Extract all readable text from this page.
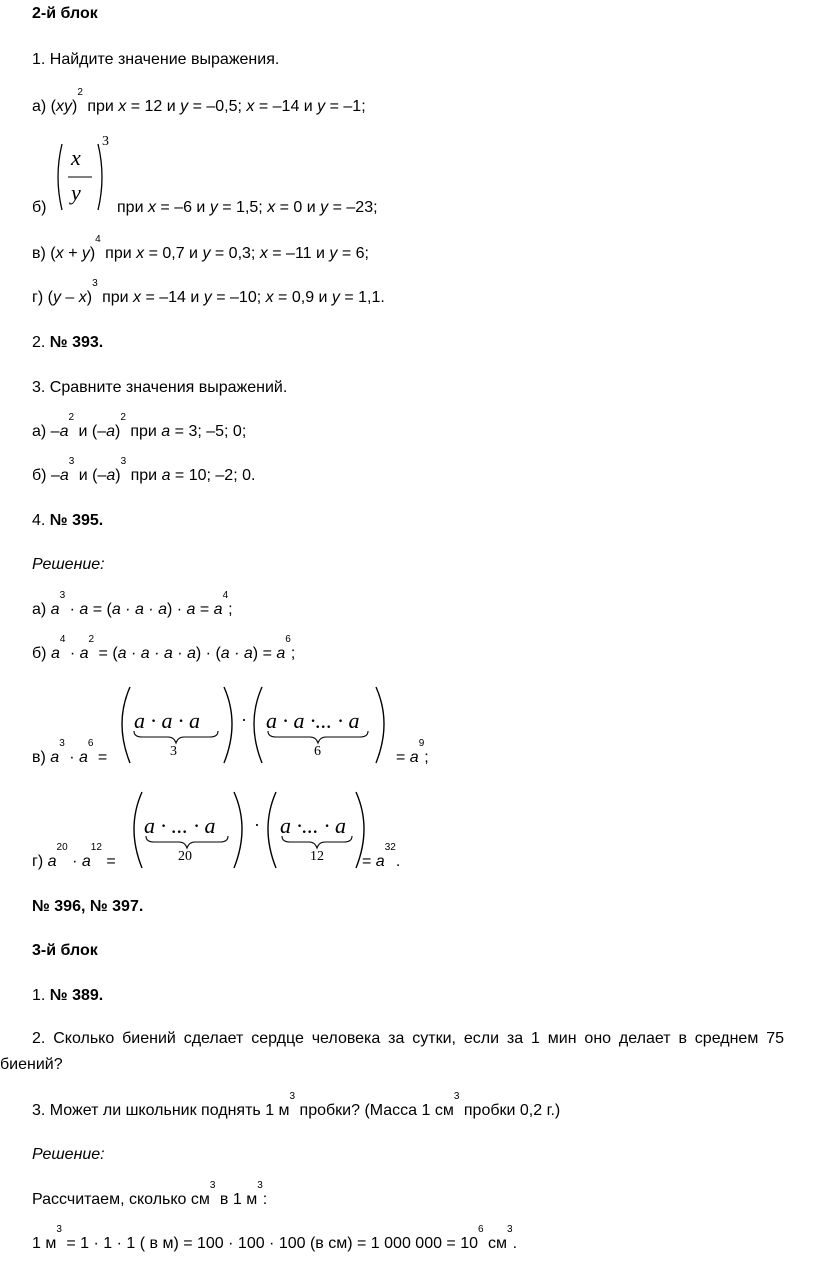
2-й блок
1. Найдите значение выражения.
а) (xy)$^2$ при x = 12 и y = –0,5; x = –14 и y = –1;
б)
x
y
3
при x = –6 и y = 1,5; x = 0 и y = –23;
в) $(x + y)^4$ при x = 0,7 и y = 0,3; x = –11 и y = 6;
г) (y – x)$^3$ при x = –14 и y = –10; x = 0,9 и y = 1,1.
2. № 393.
3. Сравните значения выражений.
а) $-a^2$ и $(-a)^2$ при a = 3; –5; 0;
б) $-a^3$ и $(-a)^3$ при a = 10; –2; 0.
4. № 395.
Решение:
а) $a^3 \cdot a = (a \cdot a \cdot a) \cdot a = a^4$;
б) $a^4 \cdot a^2 = (a \cdot a \cdot a \cdot a) \cdot (a \cdot a) = a^6$;
в) $a^3 \cdot a^6$ =
a · a · a
3
· a · a ·... · a
6	= $a^9$;
г) $a^{20} \cdot a^{12}$ =
a · ... · a
20
· a ·... · a
$12 = a^{32}$.
№ 396, № 397.
3-й блок
1. № 389.
2. Сколько биений сделает сердце человека за сутки, если за 1 мин оно делает в среднем 75 биений?
3. Может ли школьник поднять 1 $м^3$ пробки? (Масса 1 $см^3$ пробки 0,2 г.)
Решение:
Рассчитаем, сколько $см^3$ в 1 $м^3$:
1 $м^3 = 1 \cdot 1 \cdot 1$ ( в м) = 100 · 100 · 100 (в см) = 1 000 $000 = 10^6$ $см^3$.
